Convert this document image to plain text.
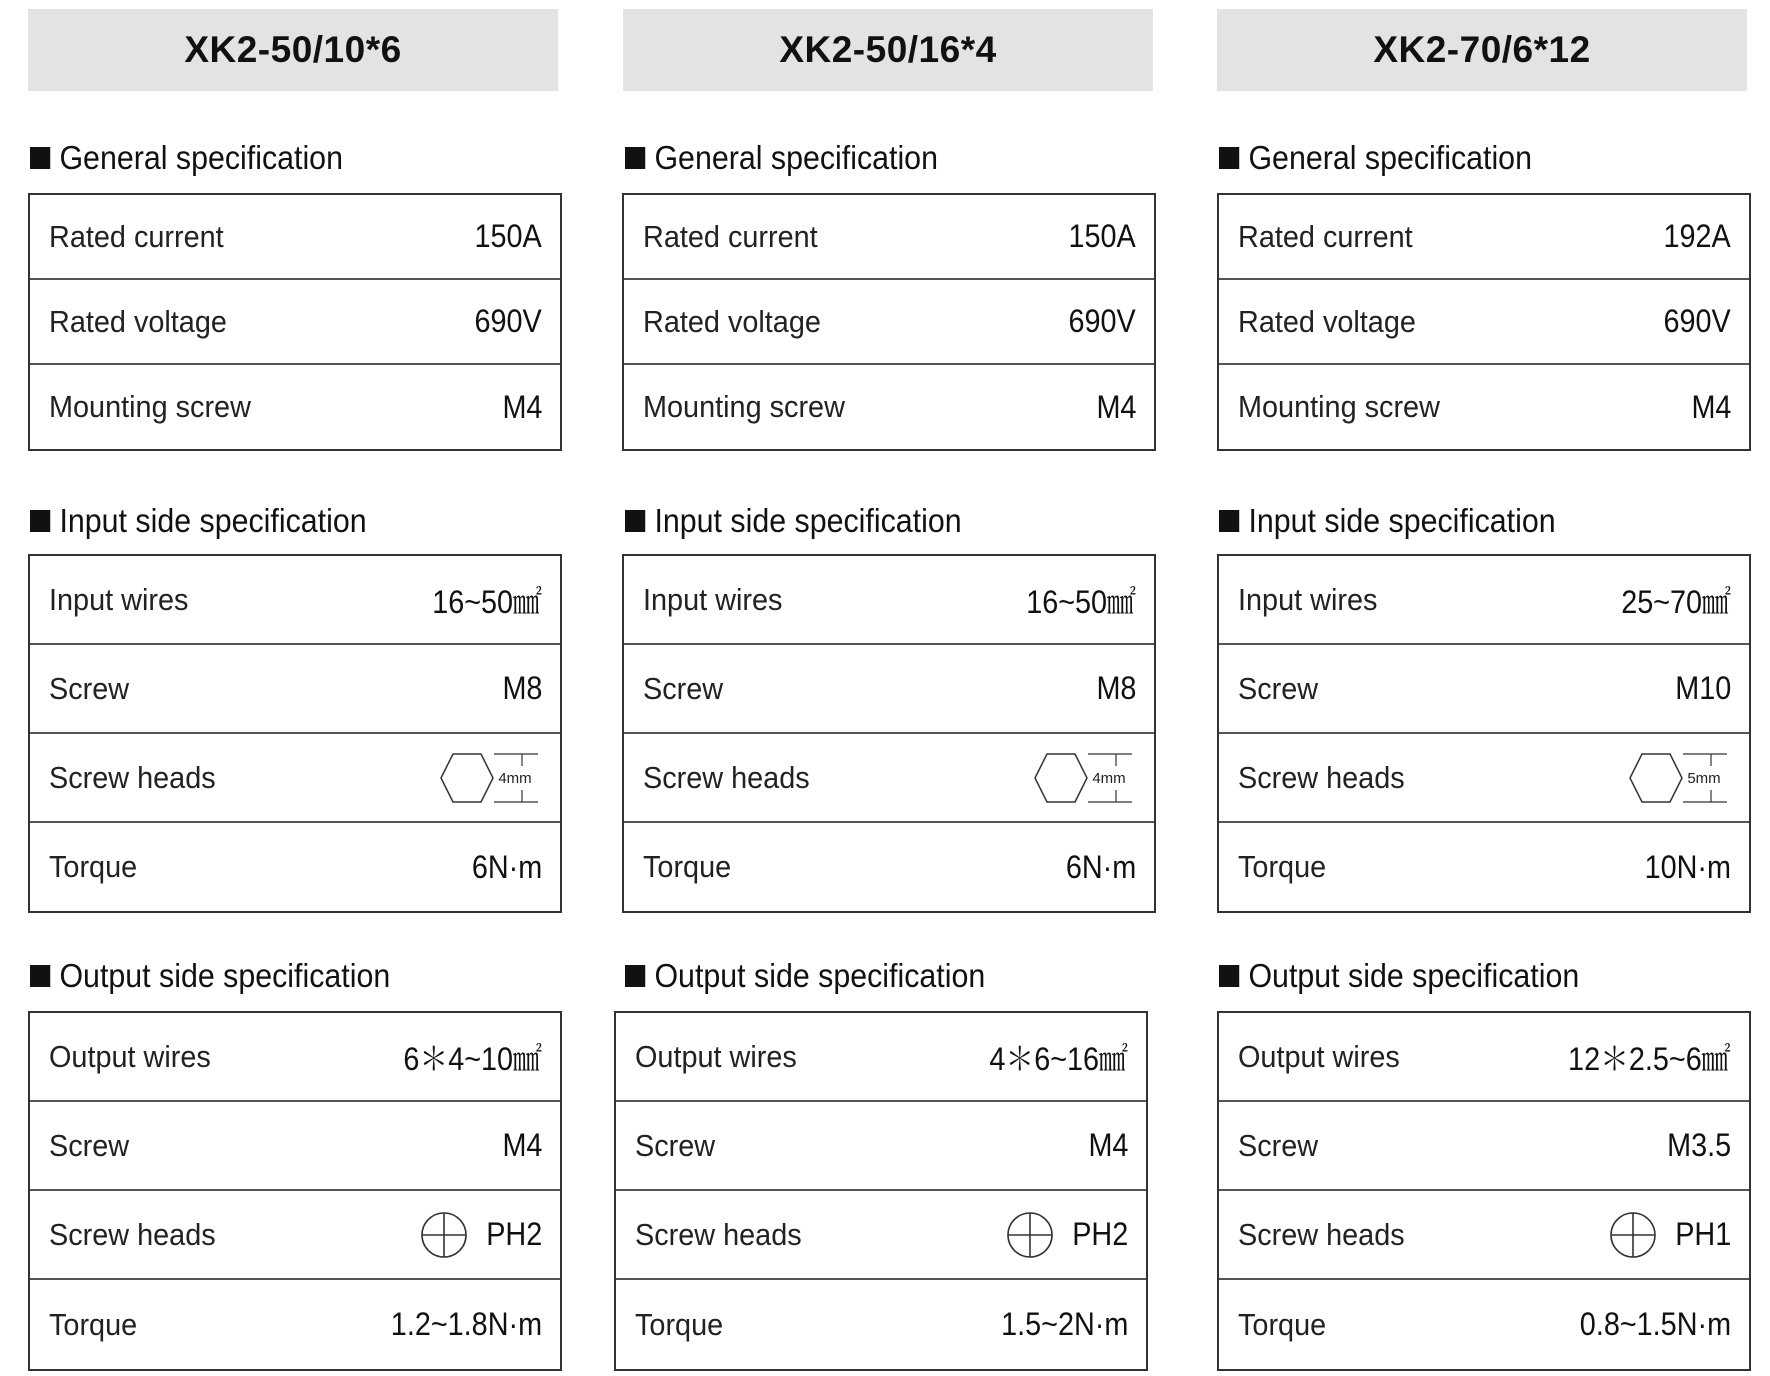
XK2-50/10*6
General specification
Rated current	150A
Rated voltage	690V
Mounting screw	M4
Input side specification
Input wires	16~50㎟
Screw	M8
Screw heads	4mm
Torque	6N·m
Output side specification
Output wires	6＊4~10㎟
Screw	M4
Screw heads	PH2
Torque	1.2~1.8N·m
XK2-50/16*4
General specification
Rated current	150A
Rated voltage	690V
Mounting screw	M4
Input side specification
Input wires	16~50㎟
Screw	M8
Screw heads	4mm
Torque	6N·m
Output side specification
Output wires	4＊6~16㎟
Screw	M4
Screw heads	PH2
Torque	1.5~2N·m
XK2-70/6*12
General specification
Rated current	192A
Rated voltage	690V
Mounting screw	M4
Input side specification
Input wires	25~70㎟
Screw	M10
Screw heads	5mm
Torque	10N·m
Output side specification
Output wires	12＊2.5~6㎟
Screw	M3.5
Screw heads	PH1
Torque	0.8~1.5N·m
